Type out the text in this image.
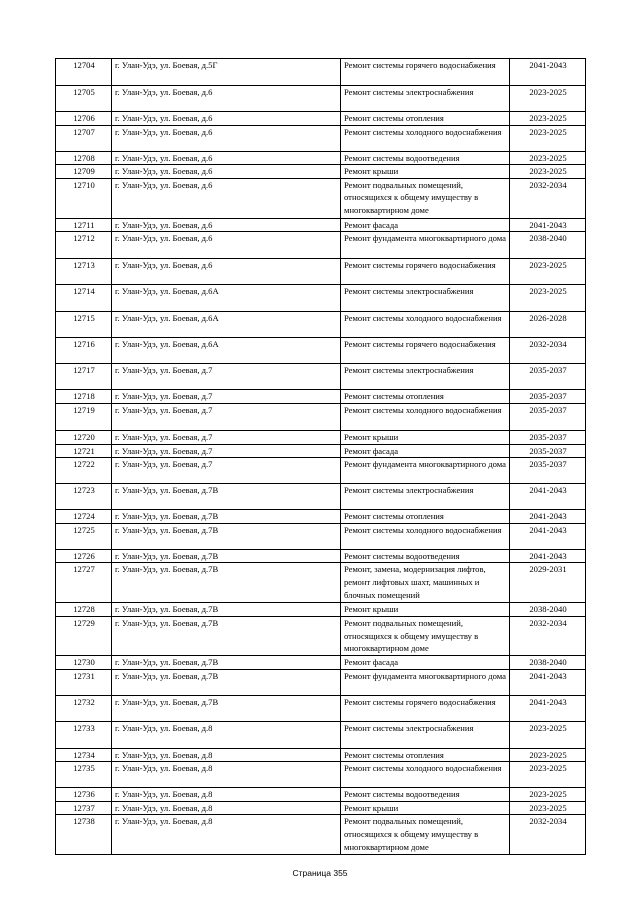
12704	г. Улан-Удэ, ул. Боевая, д.5Г	Ремонт системы горячего водоснабжения	2041-2043
12705	г. Улан-Удэ, ул. Боевая, д.6	Ремонт системы электроснабжения	2023-2025
12706	г. Улан-Удэ, ул. Боевая, д.6	Ремонт системы отопления	2023-2025
12707	г. Улан-Удэ, ул. Боевая, д.6	Ремонт системы холодного водоснабжения	2023-2025
12708	г. Улан-Удэ, ул. Боевая, д.6	Ремонт системы водоотведения	2023-2025
12709	г. Улан-Удэ, ул. Боевая, д.6	Ремонт крыши	2023-2025
12710	г. Улан-Удэ, ул. Боевая, д.6	Ремонт подвальных помещений, относящихся к общему имуществу в многоквартирном доме	2032-2034
12711	г. Улан-Удэ, ул. Боевая, д.6	Ремонт фасада	2041-2043
12712	г. Улан-Удэ, ул. Боевая, д.6	Ремонт фундамента многоквартирного дома	2038-2040
12713	г. Улан-Удэ, ул. Боевая, д.6	Ремонт системы горячего водоснабжения	2023-2025
12714	г. Улан-Удэ, ул. Боевая, д.6А	Ремонт системы электроснабжения	2023-2025
12715	г. Улан-Удэ, ул. Боевая, д.6А	Ремонт системы холодного водоснабжения	2026-2028
12716	г. Улан-Удэ, ул. Боевая, д.6А	Ремонт системы горячего водоснабжения	2032-2034
12717	г. Улан-Удэ, ул. Боевая, д.7	Ремонт системы электроснабжения	2035-2037
12718	г. Улан-Удэ, ул. Боевая, д.7	Ремонт системы отопления	2035-2037
12719	г. Улан-Удэ, ул. Боевая, д.7	Ремонт системы холодного водоснабжения	2035-2037
12720	г. Улан-Удэ, ул. Боевая, д.7	Ремонт крыши	2035-2037
12721	г. Улан-Удэ, ул. Боевая, д.7	Ремонт фасада	2035-2037
12722	г. Улан-Удэ, ул. Боевая, д.7	Ремонт фундамента многоквартирного дома	2035-2037
12723	г. Улан-Удэ, ул. Боевая, д.7В	Ремонт системы электроснабжения	2041-2043
12724	г. Улан-Удэ, ул. Боевая, д.7В	Ремонт системы отопления	2041-2043
12725	г. Улан-Удэ, ул. Боевая, д.7В	Ремонт системы холодного водоснабжения	2041-2043
12726	г. Улан-Удэ, ул. Боевая, д.7В	Ремонт системы водоотведения	2041-2043
12727	г. Улан-Удэ, ул. Боевая, д.7В	Ремонт, замена, модернизация лифтов, ремонт лифтовых шахт, машинных и блочных помещений	2029-2031
12728	г. Улан-Удэ, ул. Боевая, д.7В	Ремонт крыши	2038-2040
12729	г. Улан-Удэ, ул. Боевая, д.7В	Ремонт подвальных помещений, относящихся к общему имуществу в многоквартирном доме	2032-2034
12730	г. Улан-Удэ, ул. Боевая, д.7В	Ремонт фасада	2038-2040
12731	г. Улан-Удэ, ул. Боевая, д.7В	Ремонт фундамента многоквартирного дома	2041-2043
12732	г. Улан-Удэ, ул. Боевая, д.7В	Ремонт системы горячего водоснабжения	2041-2043
12733	г. Улан-Удэ, ул. Боевая, д.8	Ремонт системы электроснабжения	2023-2025
12734	г. Улан-Удэ, ул. Боевая, д.8	Ремонт системы отопления	2023-2025
12735	г. Улан-Удэ, ул. Боевая, д.8	Ремонт системы холодного водоснабжения	2023-2025
12736	г. Улан-Удэ, ул. Боевая, д.8	Ремонт системы водоотведения	2023-2025
12737	г. Улан-Удэ, ул. Боевая, д.8	Ремонт крыши	2023-2025
12738	г. Улан-Удэ, ул. Боевая, д.8	Ремонт подвальных помещений, относящихся к общему имуществу в многоквартирном доме	2032-2034
Страница 355
